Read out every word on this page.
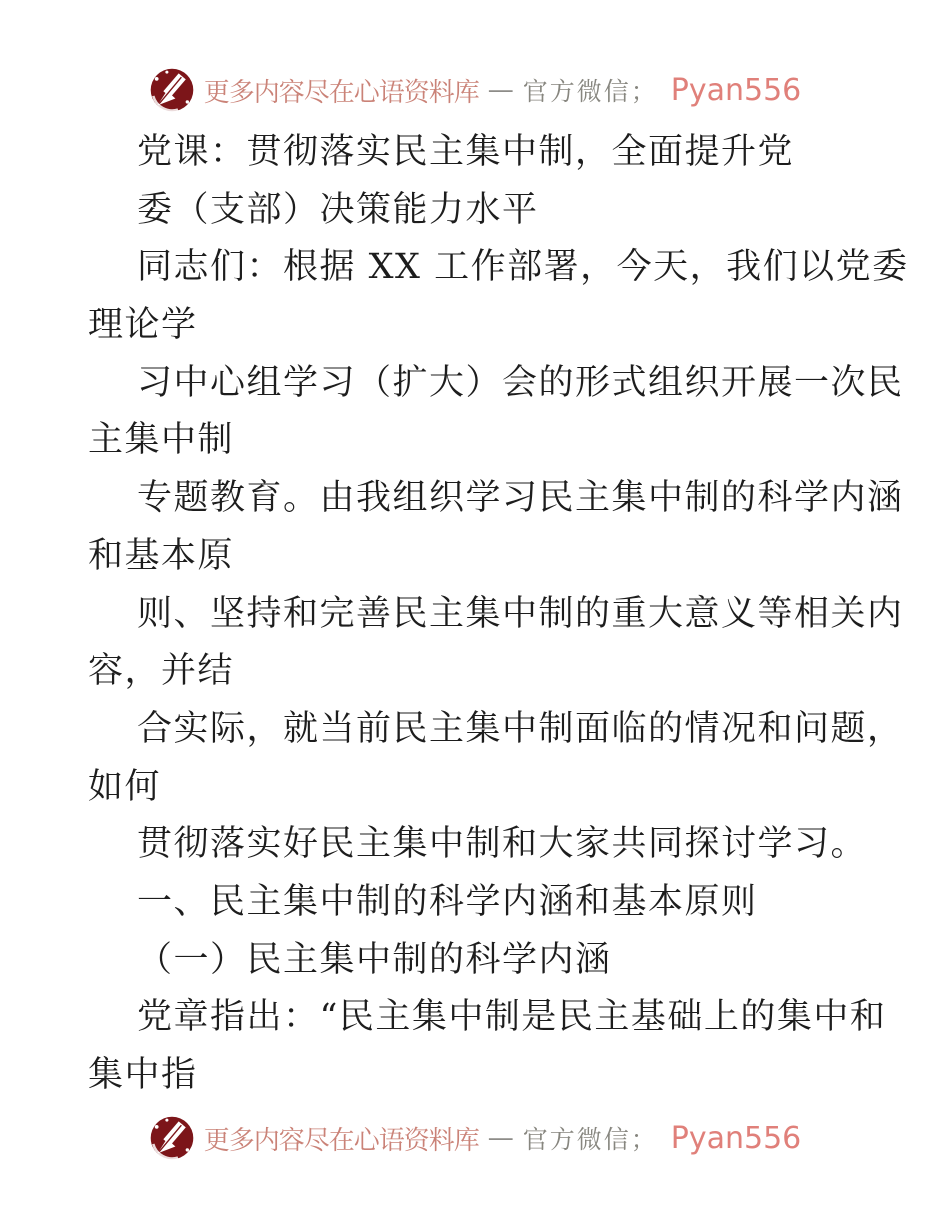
更多内容尽在心语资料库 — 官方微信； Pyan556
党课：贯彻落实民主集中制，全面提升党
委（支部）决策能力水平
同志们：根据 XX 工作部署，今天，我们以党委
理论学
习中心组学习（扩大）会的形式组织开展一次民
主集中制
专题教育。由我组织学习民主集中制的科学内涵
和基本原
则、坚持和完善民主集中制的重大意义等相关内
容，并结
合实际，就当前民主集中制面临的情况和问题，
如何
贯彻落实好民主集中制和大家共同探讨学习。
一、民主集中制的科学内涵和基本原则
（一）民主集中制的科学内涵
党章指出：“民主集中制是民主基础上的集中和
集中指
更多内容尽在心语资料库 — 官方微信； Pyan556
